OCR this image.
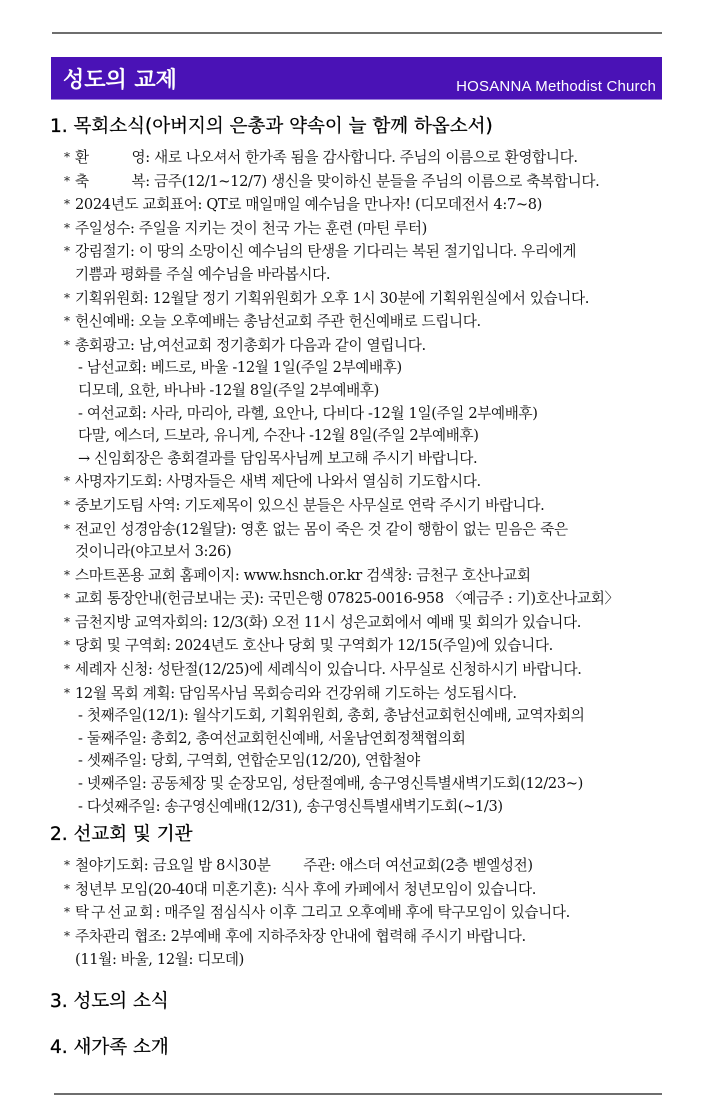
성도의 교제	HOSANNA Methodist Church
1. 목회소식(아버지의 은총과 약속이 늘 함께 하옵소서)
* 환　　　영: 새로 나오셔서 한가족 됨을 감사합니다. 주님의 이름으로 환영합니다.
* 축　　　복: 금주(12/1~12/7) 생신을 맞이하신 분들을 주님의 이름으로 축복합니다.
* 2024년도 교회표어: QT로 매일매일 예수님을 만나자! (디모데전서 4:7~8)
* 주일성수: 주일을 지키는 것이 천국 가는 훈련 (마틴 루터)
* 강림절기: 이 땅의 소망이신 예수님의 탄생을 기다리는 복된 절기입니다. 우리에게
기쁨과 평화를 주실 예수님을 바라봅시다.
* 기획위원회: 12월달 정기 기획위원회가 오후 1시 30분에 기획위원실에서 있습니다.
* 헌신예배: 오늘 오후예배는 총남선교회 주관 헌신예배로 드립니다.
* 총회광고: 남,여선교회 정기총회가 다음과 같이 열립니다.
- 남선교회: 베드로, 바울 -12월 1일(주일 2부예배후)
디모데, 요한, 바나바 -12월 8일(주일 2부예배후)
- 여선교회: 사라, 마리아, 라헬, 요안나, 다비다 -12월 1일(주일 2부예배후)
다말, 에스더, 드보라, 유니게, 수잔나 -12월 8일(주일 2부예배후)
→ 신임회장은 총회결과를 담임목사님께 보고해 주시기 바랍니다.
* 사명자기도회: 사명자들은 새벽 제단에 나와서 열심히 기도합시다.
* 중보기도팀 사역: 기도제목이 있으신 분들은 사무실로 연락 주시기 바랍니다.
* 전교인 성경암송(12월달): 영혼 없는 몸이 죽은 것 같이 행함이 없는 믿음은 죽은
것이니라(야고보서 3:26)
* 스마트폰용 교회 홈페이지: www.hsnch.or.kr 검색창: 금천구 호산나교회
* 교회 통장안내(헌금보내는 곳): 국민은행 07825-0016-958 〈예금주 : 기)호산나교회〉
* 금천지방 교역자회의: 12/3(화) 오전 11시 성은교회에서 예배 및 회의가 있습니다.
* 당회 및 구역회: 2024년도 호산나 당회 및 구역회가 12/15(주일)에 있습니다.
* 세례자 신청: 성탄절(12/25)에 세례식이 있습니다. 사무실로 신청하시기 바랍니다.
* 12월 목회 계획: 담임목사님 목회승리와 건강위해 기도하는 성도됩시다.
- 첫째주일(12/1): 월삭기도회, 기획위원회, 총회, 총남선교회헌신예배, 교역자회의
- 둘째주일: 총회2, 총여선교회헌신예배, 서울남연회정책협의회
- 셋째주일: 당회, 구역회, 연합순모임(12/20), 연합철야
- 넷째주일: 공동체장 및 순장모임, 성탄절예배, 송구영신특별새벽기도회(12/23~)
- 다섯째주일: 송구영신예배(12/31), 송구영신특별새벽기도회(~1/3)
2. 선교회 및 기관
* 철야기도회: 금요일 밤 8시30분　　 주관: 애스더 여선교회(2층 벧엘성전)
* 청년부 모임(20-40대 미혼기혼): 식사 후에 카페에서 청년모임이 있습니다.
* 탁구선교회: 매주일 점심식사 이후 그리고 오후예배 후에 탁구모임이 있습니다.
* 주차관리 협조: 2부예배 후에 지하주차장 안내에 협력해 주시기 바랍니다.
(11월: 바울, 12월: 디모데)
3. 성도의 소식
4. 새가족 소개
